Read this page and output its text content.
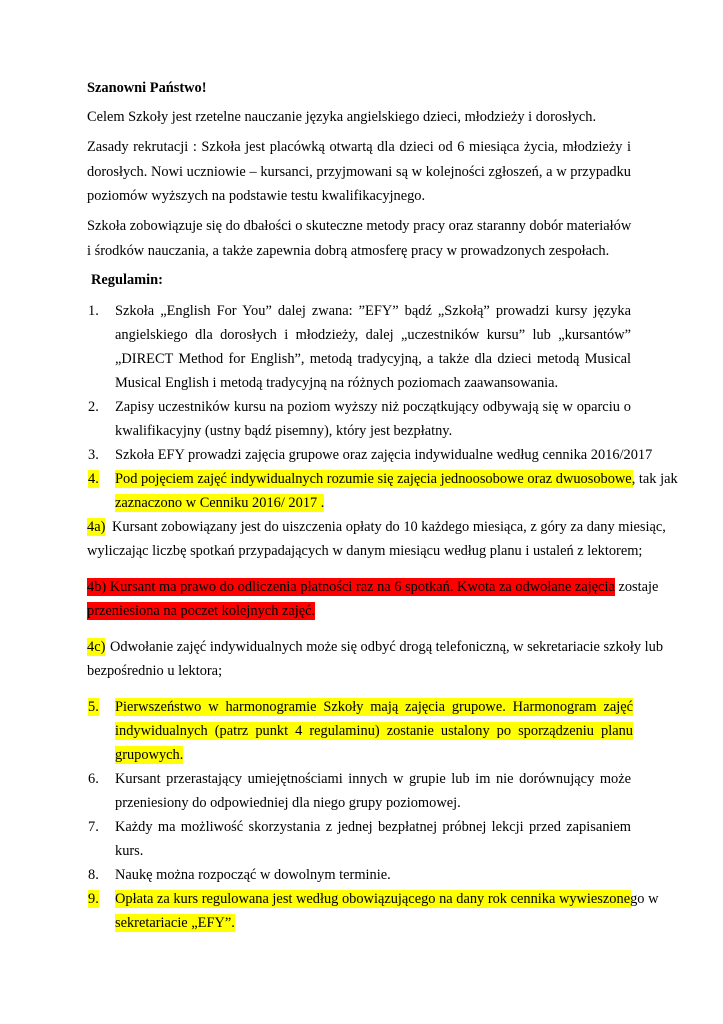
Szanowni Państwo!
Celem Szkoły jest rzetelne nauczanie języka angielskiego dzieci, młodzieży i dorosłych.
Zasady rekrutacji : Szkoła jest placówką otwartą dla dzieci od 6 miesiąca życia, młodzieży i
dorosłych. Nowi uczniowie – kursanci, przyjmowani są w kolejności zgłoszeń, a w przypadku
poziomów wyższych na podstawie testu kwalifikacyjnego.
Szkoła zobowiązuje się do dbałości o skuteczne metody pracy oraz staranny dobór materiałów
i środków nauczania, a także zapewnia dobrą atmosferę pracy w prowadzonych zespołach.
Regulamin:
1. Szkoła „English For You” dalej zwana: ”EFY” bądź „Szkołą” prowadzi kursy języka
angielskiego dla dorosłych i młodzieży, dalej „uczestników kursu” lub „kursantów”
„DIRECT Method for English”, metodą tradycyjną, a także dla dzieci metodą Musical
Musical English i metodą tradycyjną na różnych poziomach zaawansowania.
2. Zapisy uczestników kursu na poziom wyższy niż początkujący odbywają się w oparciu o
kwalifikacyjny (ustny bądź pisemny), który jest bezpłatny.
3. Szkoła EFY prowadzi zajęcia grupowe oraz zajęcia indywidualne według cennika 2016/2017
4. Pod pojęciem zajęć indywidualnych rozumie się zajęcia jednoosobowe oraz dwuosobowe, tak jak
zaznaczono w Cenniku 2016/ 2017 .
4a) Kursant zobowiązany jest do uiszczenia opłaty do 10 każdego miesiąca, z góry za dany miesiąc,
wyliczając liczbę spotkań przypadających w danym miesiącu według planu i ustaleń z lektorem;
4b) Kursant ma prawo do odliczenia płatności raz na 6 spotkań. Kwota za odwołane zajęcia zostaje
przeniesiona na poczet kolejnych zajęć.
4c) Odwołanie zajęć indywidualnych może się odbyć drogą telefoniczną, w sekretariacie szkoły lub
bezpośrednio u lektora;
5. Pierwszeństwo w harmonogramie Szkoły mają zajęcia grupowe. Harmonogram zajęć
indywidualnych (patrz punkt 4 regulaminu) zostanie ustalony po sporządzeniu planu
grupowych.
6. Kursant przerastający umiejętnościami innych w grupie lub im nie dorównujący może
przeniesiony do odpowiedniej dla niego grupy poziomowej.
7. Każdy ma możliwość skorzystania z jednej bezpłatnej próbnej lekcji przed zapisaniem
kurs.
8. Naukę można rozpocząć w dowolnym terminie.
9. Opłata za kurs regulowana jest według obowiązującego na dany rok cennika wywieszonego w
sekretariacie „EFY”.
